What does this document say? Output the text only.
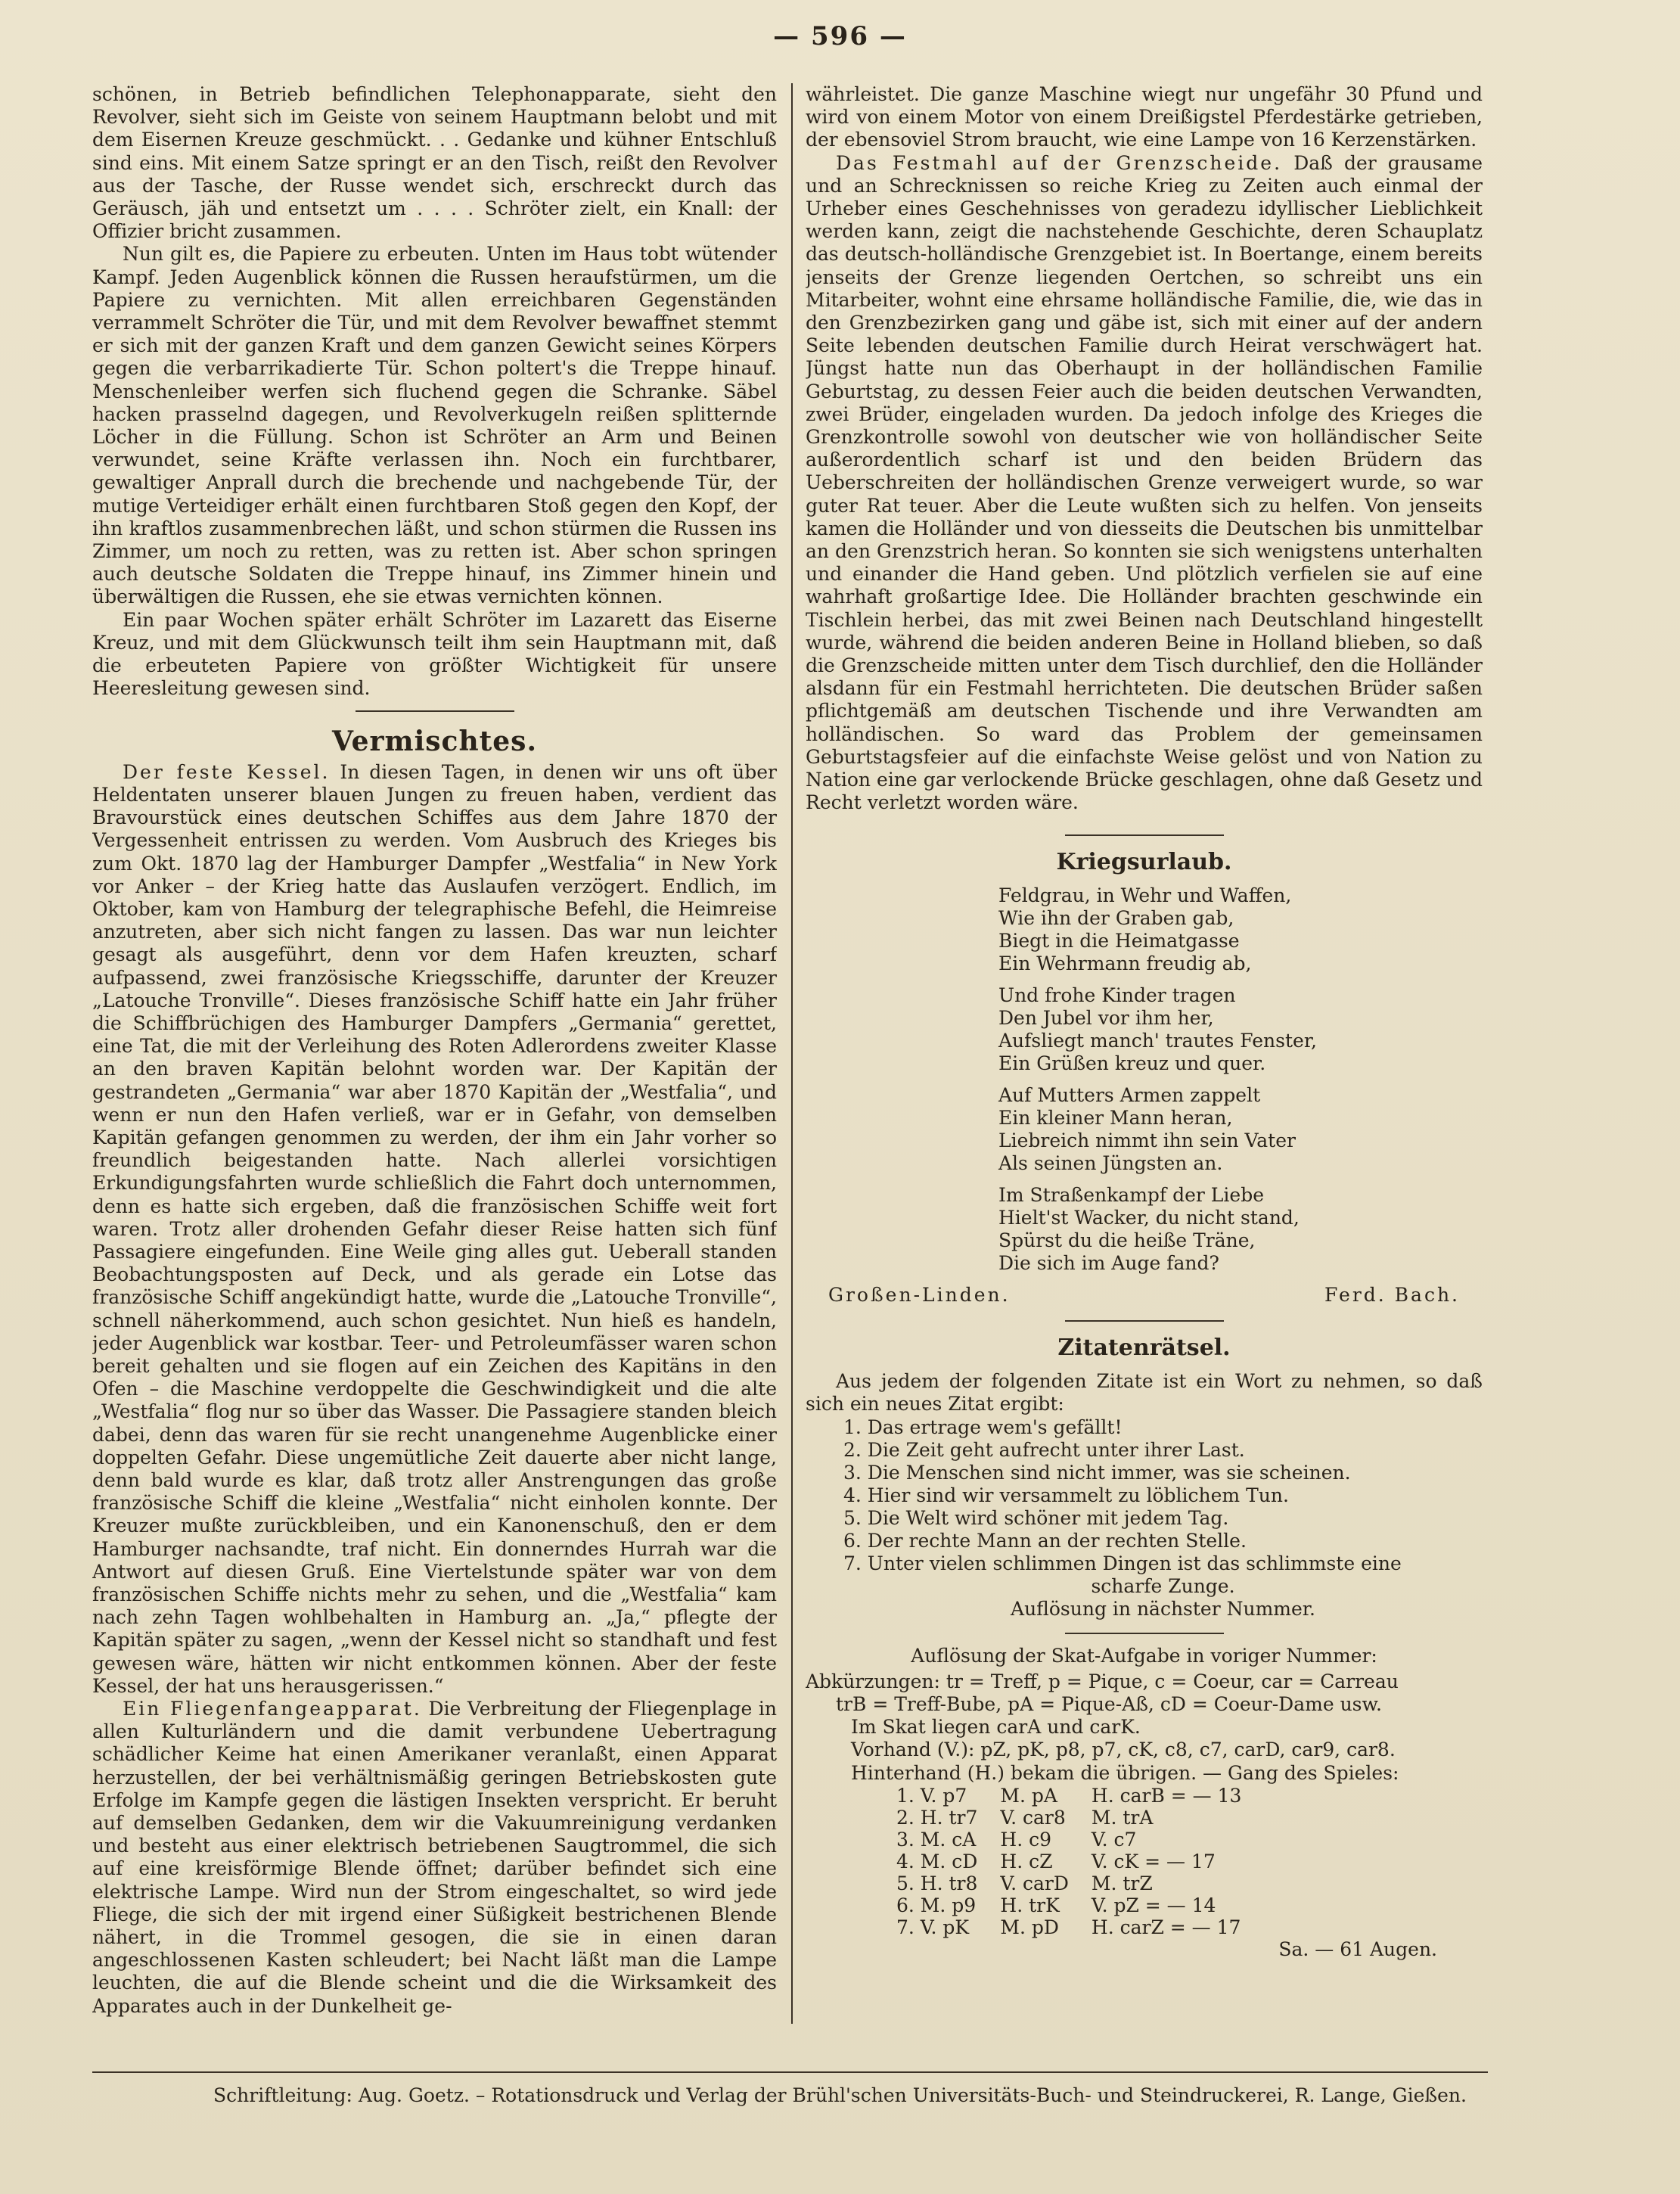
— 596 —

schönen, in Betrieb befindlichen Telephonapparate, sieht den Revolver, sieht sich im Geiste von seinem Hauptmann belobt und mit dem Eisernen Kreuze geschmückt. . . Gedanke und kühner Entschluß sind eins. Mit einem Satze springt er an den Tisch, reißt den Revolver aus der Tasche, der Russe wendet sich, erschreckt durch das Geräusch, jäh und entsetzt um . . . . Schröter zielt, ein Knall: der Offizier bricht zusammen.

Nun gilt es, die Papiere zu erbeuten. Unten im Haus tobt wütender Kampf. Jeden Augenblick können die Russen heraufstürmen, um die Papiere zu vernichten. Mit allen erreichbaren Gegenständen verrammelt Schröter die Tür, und mit dem Revolver bewaffnet stemmt er sich mit der ganzen Kraft und dem ganzen Gewicht seines Körpers gegen die verbarrikadierte Tür. Schon poltert's die Treppe hinauf. Menschenleiber werfen sich fluchend gegen die Schranke. Säbel hacken prasselnd dagegen, und Revolverkugeln reißen splitternde Löcher in die Füllung. Schon ist Schröter an Arm und Beinen verwundet, seine Kräfte verlassen ihn. Noch ein furchtbarer, gewaltiger Anprall durch die brechende und nachgebende Tür, der mutige Verteidiger erhält einen furchtbaren Stoß gegen den Kopf, der ihn kraftlos zusammenbrechen läßt, und schon stürmen die Russen ins Zimmer, um noch zu retten, was zu retten ist. Aber schon springen auch deutsche Soldaten die Treppe hinauf, ins Zimmer hinein und überwältigen die Russen, ehe sie etwas vernichten können.

Ein paar Wochen später erhält Schröter im Lazarett das Eiserne Kreuz, und mit dem Glückwunsch teilt ihm sein Hauptmann mit, daß die erbeuteten Papiere von größter Wichtigkeit für unsere Heeresleitung gewesen sind.

Vermischtes.

Der feste Kessel. In diesen Tagen, in denen wir uns oft über Heldentaten unserer blauen Jungen zu freuen haben, verdient das Bravourstück eines deutschen Schiffes aus dem Jahre 1870 der Vergessenheit entrissen zu werden. Vom Ausbruch des Krieges bis zum Okt. 1870 lag der Hamburger Dampfer „Westfalia“ in New York vor Anker – der Krieg hatte das Auslaufen verzögert. Endlich, im Oktober, kam von Hamburg der telegraphische Befehl, die Heimreise anzutreten, aber sich nicht fangen zu lassen. Das war nun leichter gesagt als ausgeführt, denn vor dem Hafen kreuzten, scharf aufpassend, zwei französische Kriegsschiffe, darunter der Kreuzer „Latouche Tronville“. Dieses französische Schiff hatte ein Jahr früher die Schiffbrüchigen des Hamburger Dampfers „Germania“ gerettet, eine Tat, die mit der Verleihung des Roten Adlerordens zweiter Klasse an den braven Kapitän belohnt worden war. Der Kapitän der gestrandeten „Germania“ war aber 1870 Kapitän der „Westfalia“, und wenn er nun den Hafen verließ, war er in Gefahr, von demselben Kapitän gefangen genommen zu werden, der ihm ein Jahr vorher so freundlich beigestanden hatte. Nach allerlei vorsichtigen Erkundigungsfahrten wurde schließlich die Fahrt doch unternommen, denn es hatte sich ergeben, daß die französischen Schiffe weit fort waren. Trotz aller drohenden Gefahr dieser Reise hatten sich fünf Passagiere eingefunden. Eine Weile ging alles gut. Ueberall standen Beobachtungsposten auf Deck, und als gerade ein Lotse das französische Schiff angekündigt hatte, wurde die „Latouche Tronville“, schnell näherkommend, auch schon gesichtet. Nun hieß es handeln, jeder Augenblick war kostbar. Teer- und Petroleumfässer waren schon bereit gehalten und sie flogen auf ein Zeichen des Kapitäns in den Ofen – die Maschine verdoppelte die Geschwindigkeit und die alte „Westfalia“ flog nur so über das Wasser. Die Passagiere standen bleich dabei, denn das waren für sie recht unangenehme Augenblicke einer doppelten Gefahr. Diese ungemütliche Zeit dauerte aber nicht lange, denn bald wurde es klar, daß trotz aller Anstrengungen das große französische Schiff die kleine „Westfalia“ nicht einholen konnte. Der Kreuzer mußte zurückbleiben, und ein Kanonenschuß, den er dem Hamburger nachsandte, traf nicht. Ein donnerndes Hurrah war die Antwort auf diesen Gruß. Eine Viertelstunde später war von dem französischen Schiffe nichts mehr zu sehen, und die „Westfalia“ kam nach zehn Tagen wohlbehalten in Hamburg an. „Ja,“ pflegte der Kapitän später zu sagen, „wenn der Kessel nicht so standhaft und fest gewesen wäre, hätten wir nicht entkommen können. Aber der feste Kessel, der hat uns herausgerissen.“

Ein Fliegenfangeapparat. Die Verbreitung der Fliegenplage in allen Kulturländern und die damit verbundene Uebertragung schädlicher Keime hat einen Amerikaner veranlaßt, einen Apparat herzustellen, der bei verhältnismäßig geringen Betriebskosten gute Erfolge im Kampfe gegen die lästigen Insekten verspricht. Er beruht auf demselben Gedanken, dem wir die Vakuumreinigung verdanken und besteht aus einer elektrisch betriebenen Saugtrommel, die sich auf eine kreisförmige Blende öffnet; darüber befindet sich eine elektrische Lampe. Wird nun der Strom eingeschaltet, so wird jede Fliege, die sich der mit irgend einer Süßigkeit bestrichenen Blende nähert, in die Trommel gesogen, die sie in einen daran angeschlossenen Kasten schleudert; bei Nacht läßt man die Lampe leuchten, die auf die Blende scheint und die die Wirksamkeit des Apparates auch in der Dunkelheit ge-

währleistet. Die ganze Maschine wiegt nur ungefähr 30 Pfund und wird von einem Motor von einem Dreißigstel Pferdestärke getrieben, der ebensoviel Strom braucht, wie eine Lampe von 16 Kerzenstärken.

Das Festmahl auf der Grenzscheide. Daß der grausame und an Schrecknissen so reiche Krieg zu Zeiten auch einmal der Urheber eines Geschehnisses von geradezu idyllischer Lieblichkeit werden kann, zeigt die nachstehende Geschichte, deren Schauplatz das deutsch-holländische Grenzgebiet ist. In Boertange, einem bereits jenseits der Grenze liegenden Oertchen, so schreibt uns ein Mitarbeiter, wohnt eine ehrsame holländische Familie, die, wie das in den Grenzbezirken gang und gäbe ist, sich mit einer auf der andern Seite lebenden deutschen Familie durch Heirat verschwägert hat. Jüngst hatte nun das Oberhaupt in der holländischen Familie Geburtstag, zu dessen Feier auch die beiden deutschen Verwandten, zwei Brüder, eingeladen wurden. Da jedoch infolge des Krieges die Grenzkontrolle sowohl von deutscher wie von holländischer Seite außerordentlich scharf ist und den beiden Brüdern das Ueberschreiten der holländischen Grenze verweigert wurde, so war guter Rat teuer. Aber die Leute wußten sich zu helfen. Von jenseits kamen die Holländer und von diesseits die Deutschen bis unmittelbar an den Grenzstrich heran. So konnten sie sich wenigstens unterhalten und einander die Hand geben. Und plötzlich verfielen sie auf eine wahrhaft großartige Idee. Die Holländer brachten geschwinde ein Tischlein herbei, das mit zwei Beinen nach Deutschland hingestellt wurde, während die beiden anderen Beine in Holland blieben, so daß die Grenzscheide mitten unter dem Tisch durchlief, den die Holländer alsdann für ein Festmahl herrichteten. Die deutschen Brüder saßen pflichtgemäß am deutschen Tischende und ihre Verwandten am holländischen. So ward das Problem der gemeinsamen Geburtstagsfeier auf die einfachste Weise gelöst und von Nation zu Nation eine gar verlockende Brücke geschlagen, ohne daß Gesetz und Recht verletzt worden wäre.

Kriegsurlaub.
Feldgrau, in Wehr und Waffen,
Wie ihn der Graben gab,
Biegt in die Heimatgasse
Ein Wehrmann freudig ab,
Und frohe Kinder tragen
Den Jubel vor ihm her,
Aufsliegt manch' trautes Fenster,
Ein Grüßen kreuz und quer.
Auf Mutters Armen zappelt
Ein kleiner Mann heran,
Liebreich nimmt ihn sein Vater
Als seinen Jüngsten an.
Im Straßenkampf der Liebe
Hielt'st Wacker, du nicht stand,
Spürst du die heiße Träne,
Die sich im Auge fand?
Großen-Linden.	Ferd. Bach.
Zitatenrätsel.

Aus jedem der folgenden Zitate ist ein Wort zu nehmen, so daß sich ein neues Zitat ergibt:

1. Das ertrage wem's gefällt!
2. Die Zeit geht aufrecht unter ihrer Last.
3. Die Menschen sind nicht immer, was sie scheinen.
4. Hier sind wir versammelt zu löblichem Tun.
5. Die Welt wird schöner mit jedem Tag.
6. Der rechte Mann an der rechten Stelle.
7. Unter vielen schlimmen Dingen ist das schlimmste eine
scharfe Zunge.
Auflösung in nächster Nummer.
Auflösung der Skat-Aufgabe in voriger Nummer:
Abkürzungen: tr = Treff, p = Pique, c = Coeur, car = Carreau
trB = Treff-Bube, pA = Pique-Aß, cD = Coeur-Dame usw.
Im Skat liegen carA und carK.
Vorhand (V.): pZ, pK, p8, p7, cK, c8, c7, carD, car9, car8.
Hinterhand (H.) bekam die übrigen. — Gang des Spieles:
1. V. p7	M. pA	H. carB = — 13
2. H. tr7	V. car8	M. trA
3. M. cA	H. c9	V. c7
4. M. cD	H. cZ	V. cK = — 17
5. H. tr8	V. carD	M. trZ
6. M. p9	H. trK	V. pZ = — 14
7. V. pK	M. pD	H. carZ = — 17
Sa. — 61 Augen.
Schriftleitung: Aug. Goetz. – Rotationsdruck und Verlag der Brühl'schen Universitäts-Buch- und Steindruckerei, R. Lange, Gießen.
